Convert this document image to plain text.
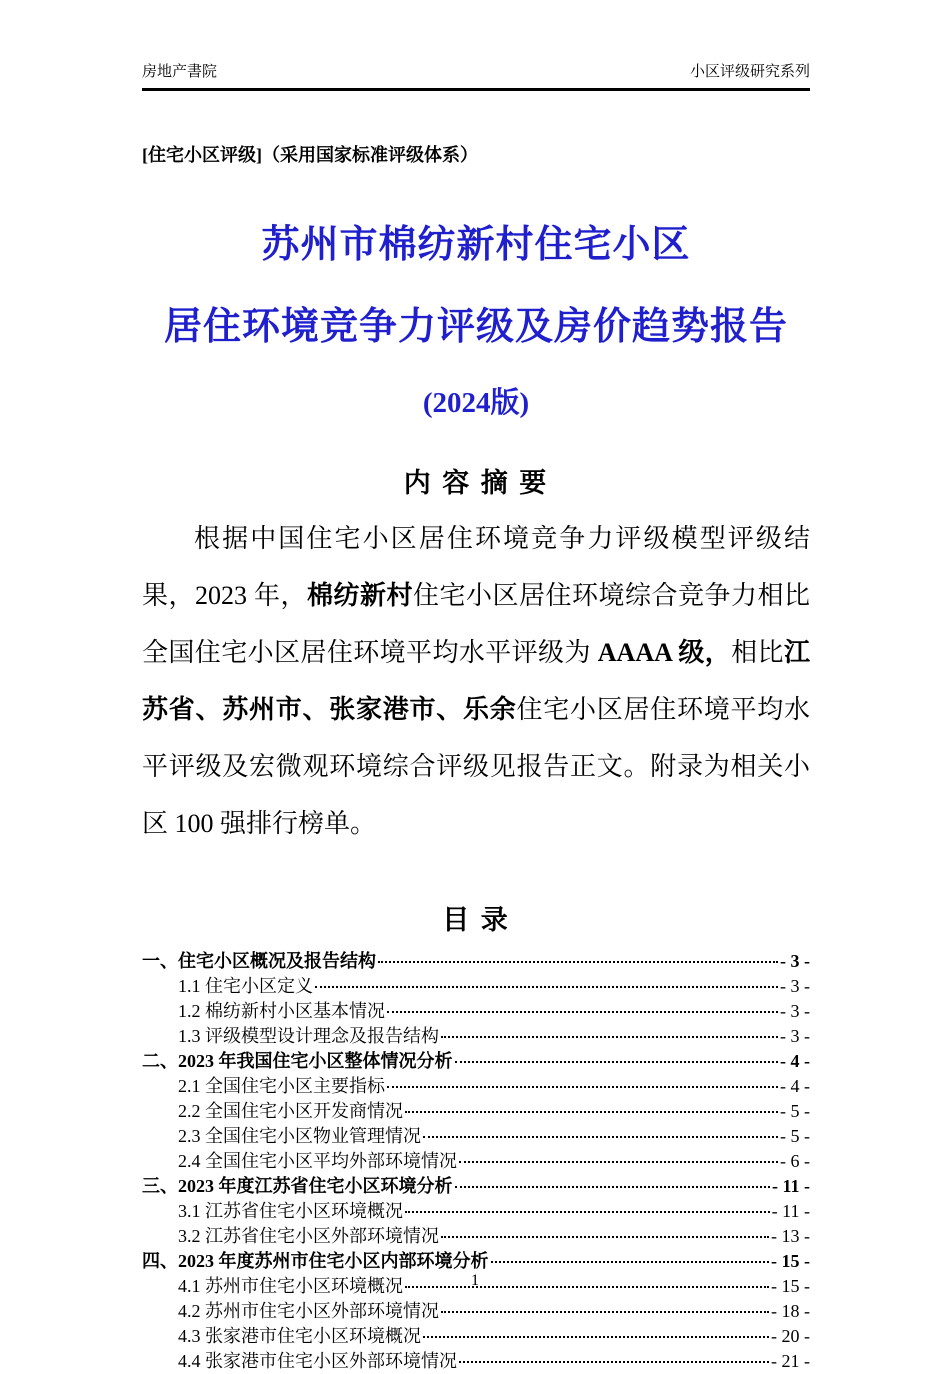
房地产書院	小区评级研究系列
[住宅小区评级]（采用国家标准评级体系）
苏州市棉纺新村住宅小区
居住环境竞争力评级及房价趋势报告
(2024版)
内 容 摘 要

根据中国住宅小区居住环境竞争力评级模型评级结果，2023 年，棉纺新村住宅小区居住环境综合竞争力相比全国住宅小区居住环境平均水平评级为 AAAA 级，相比江苏省、苏州市、张家港市、乐余住宅小区居住环境平均水平评级及宏微观环境综合评级见报告正文。附录为相关小区 100 强排行榜单。

目 录
一、住宅小区概况及报告结构	- 3 -
1.1 住宅小区定义	- 3 -
1.2 棉纺新村小区基本情况	- 3 -
1.3 评级模型设计理念及报告结构	- 3 -
二、2023 年我国住宅小区整体情况分析	- 4 -
2.1 全国住宅小区主要指标	- 4 -
2.2 全国住宅小区开发商情况	- 5 -
2.3 全国住宅小区物业管理情况	- 5 -
2.4 全国住宅小区平均外部环境情况	- 6 -
三、2023 年度江苏省住宅小区环境分析	- 11 -
3.1 江苏省住宅小区环境概况	- 11 -
3.2 江苏省住宅小区外部环境情况	- 13 -
四、2023 年度苏州市住宅小区内部环境分析	- 15 -
4.1 苏州市住宅小区环境概况	- 15 -
4.2 苏州市住宅小区外部环境情况	- 18 -
4.3 张家港市住宅小区环境概况	- 20 -
4.4 张家港市住宅小区外部环境情况	- 21 -
1
